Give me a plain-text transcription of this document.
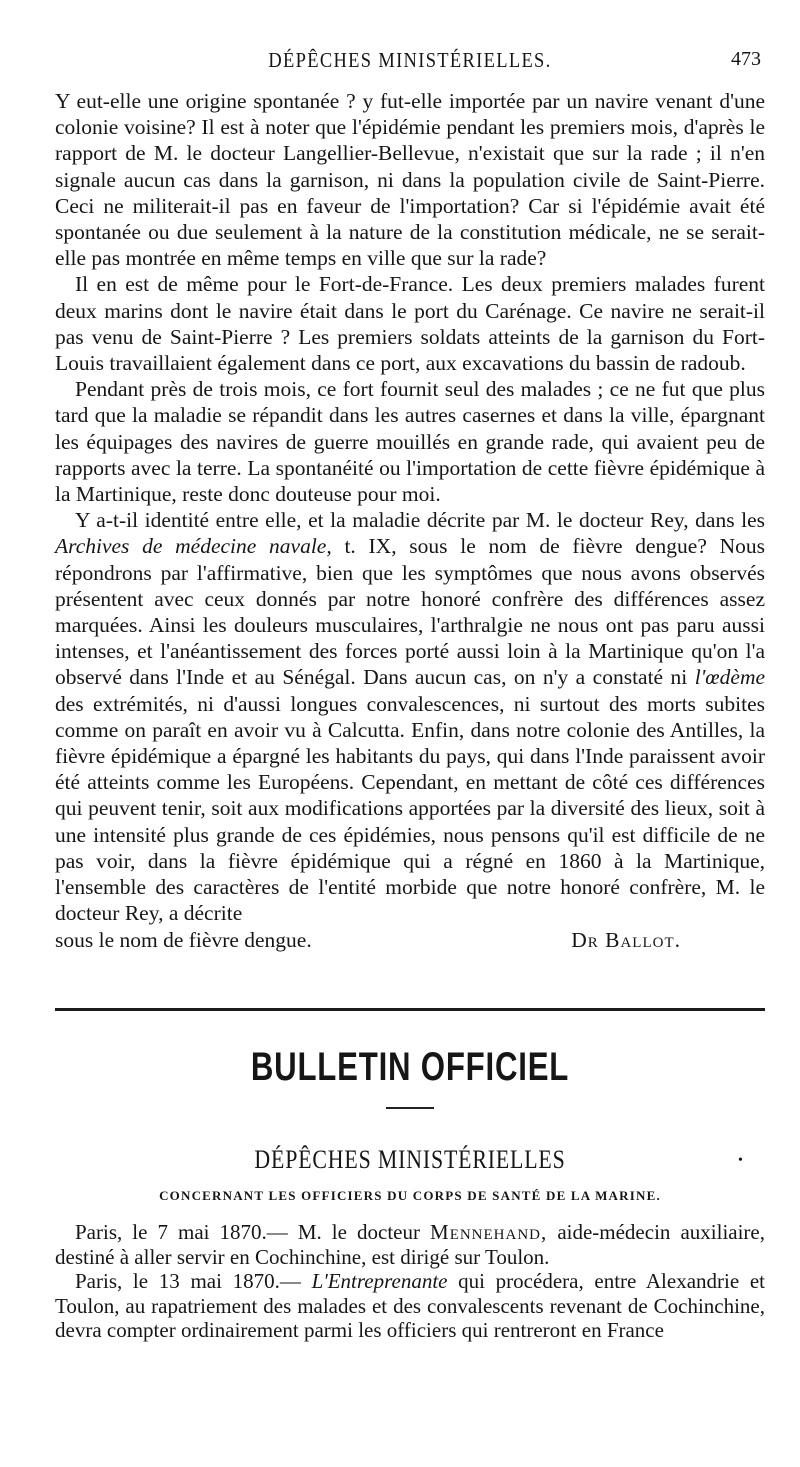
DÉPÊCHES MINISTÉRIELLES.	473

Y eut-elle une origine spontanée ? y fut-elle importée par un navire venant d'une colonie voisine? Il est à noter que l'épidémie pendant les premiers mois, d'après le rapport de M. le docteur Langellier-Bellevue, n'existait que sur la rade ; il n'en signale aucun cas dans la garnison, ni dans la population civile de Saint-Pierre. Ceci ne militerait-il pas en faveur de l'importation? Car si l'épidémie avait été spontanée ou due seulement à la nature de la constitution médicale, ne se serait-elle pas montrée en même temps en ville que sur la rade?

Il en est de même pour le Fort-de-France. Les deux premiers malades furent deux marins dont le navire était dans le port du Carénage. Ce navire ne serait-il pas venu de Saint-Pierre ? Les premiers soldats atteints de la garnison du Fort-Louis travaillaient également dans ce port, aux excavations du bassin de radoub.

Pendant près de trois mois, ce fort fournit seul des malades ; ce ne fut que plus tard que la maladie se répandit dans les autres casernes et dans la ville, épargnant les équipages des navires de guerre mouillés en grande rade, qui avaient peu de rapports avec la terre. La spontanéité ou l'importation de cette fièvre épidémique à la Martinique, reste donc douteuse pour moi.

Y a-t-il identité entre elle, et la maladie décrite par M. le docteur Rey, dans les Archives de médecine navale, t. IX, sous le nom de fièvre dengue? Nous répondrons par l'affirmative, bien que les symptômes que nous avons observés présentent avec ceux donnés par notre honoré confrère des différences assez marquées. Ainsi les douleurs musculaires, l'arthralgie ne nous ont pas paru aussi intenses, et l'anéantissement des forces porté aussi loin à la Martinique qu'on l'a observé dans l'Inde et au Sénégal. Dans aucun cas, on n'y a constaté ni l'œdème des extrémités, ni d'aussi longues convalescences, ni surtout des morts subites comme on paraît en avoir vu à Calcutta. Enfin, dans notre colonie des Antilles, la fièvre épidémique a épargné les habitants du pays, qui dans l'Inde paraissent avoir été atteints comme les Européens. Cependant, en mettant de côté ces différences qui peuvent tenir, soit aux modifications apportées par la diversité des lieux, soit à une intensité plus grande de ces épidémies, nous pensons qu'il est difficile de ne pas voir, dans la fièvre épidémique qui a régné en 1860 à la Martinique, l'ensemble des caractères de l'entité morbide que notre honoré confrère, M. le docteur Rey, a décrite

sous le nom de fièvre dengue.	Dr Ballot.

BULLETIN OFFICIEL
DÉPÊCHES MINISTÉRIELLES	•
CONCERNANT LES OFFICIERS DU CORPS DE SANTÉ DE LA MARINE.

Paris, le 7 mai 1870.— M. le docteur Mennehand, aide-médecin auxiliaire, destiné à aller servir en Cochinchine, est dirigé sur Toulon.

Paris, le 13 mai 1870.— L'Entreprenante qui procédera, entre Alexandrie et Toulon, au rapatriement des malades et des convalescents revenant de Cochinchine, devra compter ordinairement parmi les officiers qui rentreront en France
